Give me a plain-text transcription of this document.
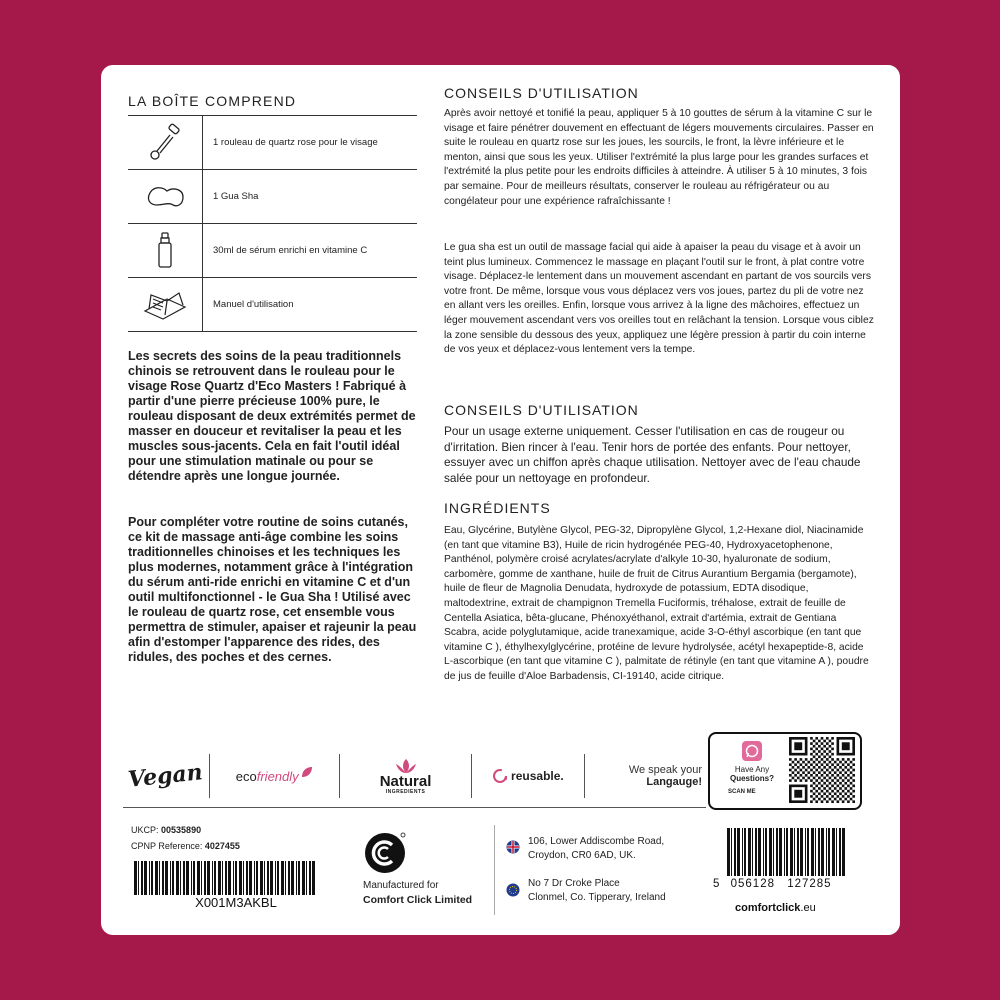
LA BOÎTE COMPREND
1 rouleau de quartz rose pour le visage
1 Gua Sha
30ml de sérum enrichi en vitamine C
Manuel d'utilisation
Les secrets des soins de la peau traditionnels chinois se retrouvent dans le rouleau pour le visage Rose Quartz d'Eco Masters ! Fabriqué à partir d'une pierre précieuse 100% pure, le rouleau disposant de deux extrémités permet de masser en douceur et revitaliser la peau et les muscles sous-jacents. Cela en fait l'outil idéal pour une stimulation matinale ou pour se détendre après une longue journée.
Pour compléter votre routine de soins cutanés, ce kit de massage anti-âge combine les soins traditionnelles chinoises et les techniques les plus modernes, notamment grâce à l'intégration du sérum anti-ride enrichi en vitamine C et d'un outil multifonctionnel - le Gua Sha ! Utilisé avec le rouleau de quartz rose, cet ensemble vous permettra de stimuler, apaiser et rajeunir la peau afin d'estomper l'apparence des rides, des ridules, des poches et des cernes.
CONSEILS D'UTILISATION
Après avoir nettoyé et tonifié la peau, appliquer 5 à 10 gouttes de sérum à la vitamine C sur le visage et faire pénétrer douvement en effectuant de légers mouvements circulaires. Passer en suite le rouleau en quartz rose sur les joues, les sourcils, le front, la lèvre inférieure et le menton, ainsi que sous les yeux. Utiliser l'extrémité la plus large pour les grandes surfaces et l'extrémité la plus petite pour les endroits difficiles à atteindre. À utiliser 5 à 10 minutes, 3 fois par semaine. Pour de meilleurs résultats, conserver le rouleau au réfrigérateur ou au congélateur pour une expérience rafraîchissante !
Le gua sha est un outil de massage facial qui aide à apaiser la peau du visage et à avoir un teint plus lumineux. Commencez le massage en plaçant l'outil sur le front, à plat contre votre visage. Déplacez-le lentement dans un mouvement ascendant en partant de vos sourcils vers votre front. De même, lorsque vous vous déplacez vers vos joues, partez du pli de votre nez en allant vers les oreilles. Enfin, lorsque vous arrivez à la ligne des mâchoires, effectuez un léger mouvement ascendant vers vos oreilles tout en relâchant la tension. Lorsque vous ciblez la zone sensible du dessous des yeux, appliquez une légère pression à partir du coin interne de vos yeux et déplacez-vous lentement vers la tempe.
CONSEILS D'UTILISATION
Pour un usage externe uniquement. Cesser l'utilisation en cas de rougeur ou d'irritation. Bien rincer à l'eau. Tenir hors de portée des enfants. Pour nettoyer, essuyer avec un chiffon après chaque utilisation. Nettoyer avec de l'eau chaude salée pour un nettoyage en profondeur.
INGRÉDIENTS
Eau, Glycérine, Butylène Glycol, PEG-32, Dipropylène Glycol, 1,2-Hexane diol, Niacinamide (en tant que vitamine B3), Huile de ricin hydrogénée PEG-40, Hydroxyacetophenone, Panthénol, polymère croisé acrylates/acrylate d'alkyle 10-30, hyaluronate de sodium, carbomère, gomme de xanthane, huile de fruit de Citrus Aurantium Bergamia (bergamote), huile de fleur de Magnolia Denudata, hydroxyde de potassium, EDTA disodique, maltodextrine, extrait de champignon Tremella Fuciformis, tréhalose, extrait de feuille de Centella Asiatica, bêta-glucane, Phénoxyéthanol, extrait d'artémia, extrait de Gentiana Scabra, acide polyglutamique, acide tranexamique, acide 3-O-éthyl ascorbique (en tant que vitamine C ), éthylhexylglycérine, protéine de levure hydrolysée, acétyl hexapeptide-8, acide L-ascorbique (en tant que vitamine C ), palmitate de rétinyle (en tant que vitamine A ), poudre de jus de feuille d'Aloe Barbadensis, CI-19140, acide citrique.
Vegan eco friendly	Natural
INGREDIENTS
reusable.	We speak your
Langauge!
Have Any
Questions?
SCAN ME
UKCP: 00535890
CPNP Reference: 4027455
X001M3AKBL
Manufactured for
Comfort Click Limited
106, Lower Addiscombe Road,
Croydon, CR0 6AD, UK.
No 7 Dr Croke Place
Clonmel, Co. Tipperary, Ireland
5 056128 127285
comfortclick.eu
